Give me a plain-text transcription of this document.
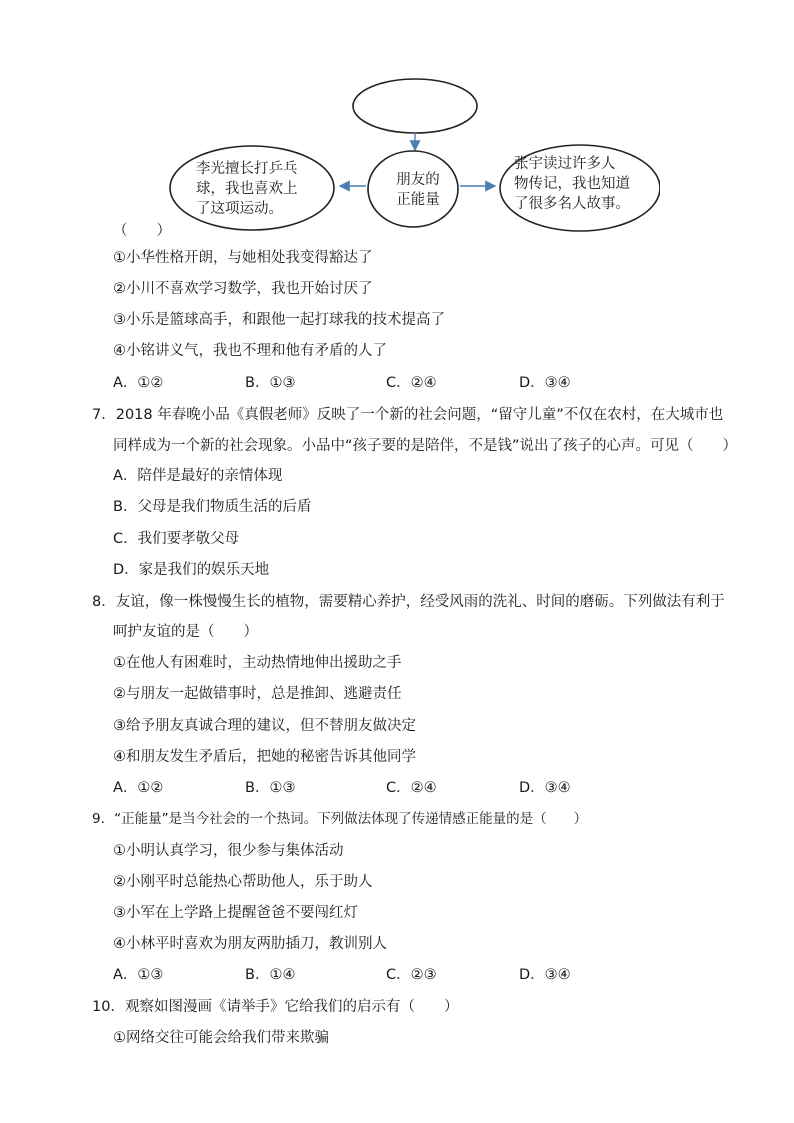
朋友的
正能量
李光擅长打乒乓
球，我也喜欢上
了这项运动。
张宇读过许多人
物传记，我也知道
了很多名人故事。
（　　）
①小华性格开朗，与她相处我变得豁达了
②小川不喜欢学习数学，我也开始讨厌了
③小乐是篮球高手，和跟他一起打球我的技术提高了
④小铭讲义气，我也不理和他有矛盾的人了
A．①②	B．①③	C．②④	D．③④
7．2018 年春晚小品《真假老师》反映了一个新的社会问题，“留守儿童”不仅在农村，在大城市也
同样成为一个新的社会现象。小品中“孩子要的是陪伴，不是钱”说出了孩子的心声。可见（　　）
A．陪伴是最好的亲情体现
B．父母是我们物质生活的后盾
C．我们要孝敬父母
D．家是我们的娱乐天地
8．友谊，像一株慢慢生长的植物，需要精心养护，经受风雨的洗礼、时间的磨砺。下列做法有利于
呵护友谊的是（　　）
①在他人有困难时，主动热情地伸出援助之手
②与朋友一起做错事时，总是推卸、逃避责任
③给予朋友真诚合理的建议，但不替朋友做决定
④和朋友发生矛盾后，把她的秘密告诉其他同学
A．①②	B．①③	C．②④	D．③④
9．“正能量”是当今社会的一个热词。下列做法体现了传递情感正能量的是（　　）
①小明认真学习，很少参与集体活动
②小刚平时总能热心帮助他人，乐于助人
③小军在上学路上提醒爸爸不要闯红灯
④小林平时喜欢为朋友两肋插刀，教训别人
A．①③	B．①④	C．②③	D．③④
10．观察如图漫画《请举手》它给我们的启示有（　　）
①网络交往可能会给我们带来欺骗
